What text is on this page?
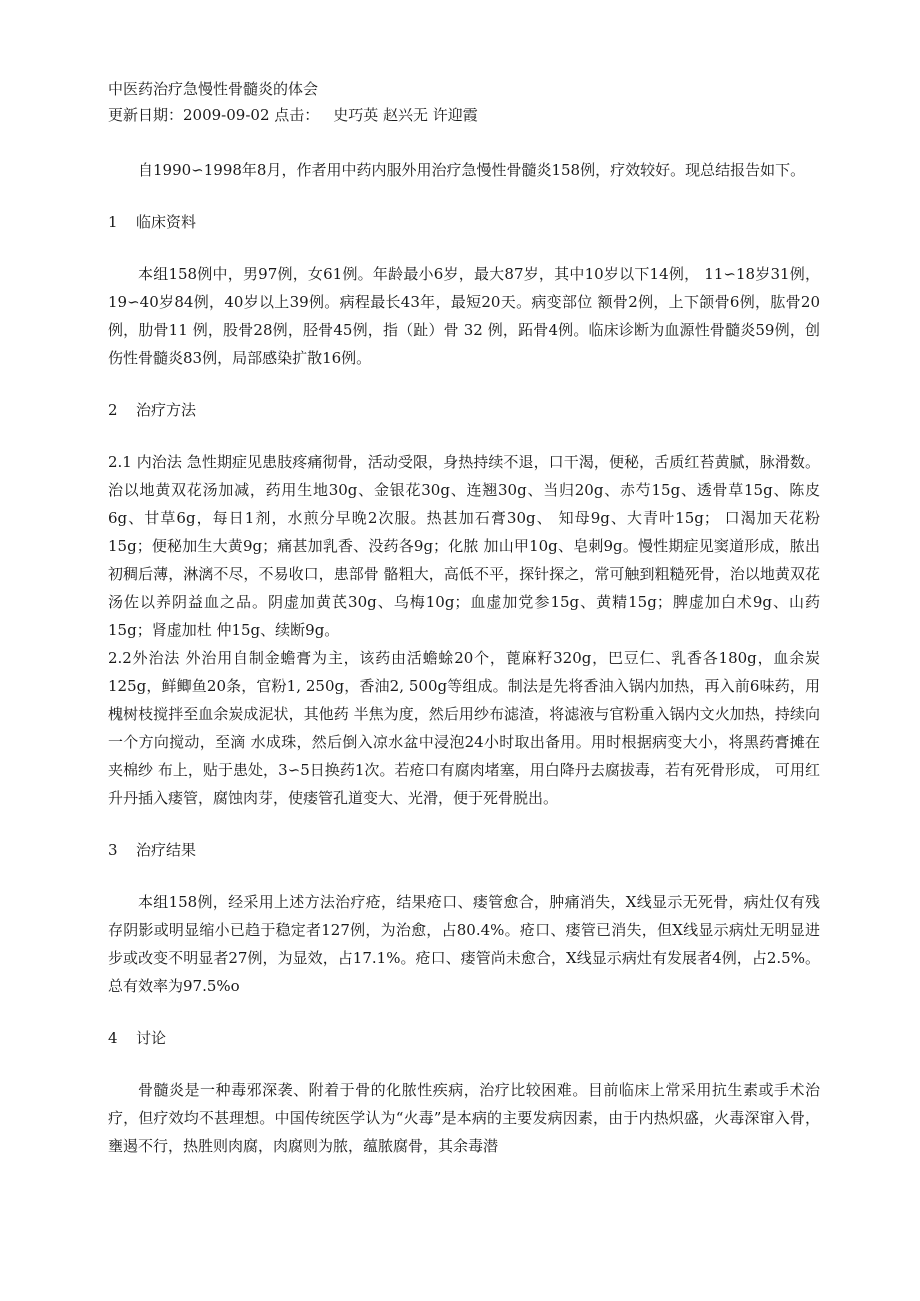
中医药治疗急慢性骨髓炎的体会
更新日期：2009-09-02 点击： 史巧英 赵兴无 许迎霞

自1990∽1998年8月，作者用中药内服外用治疗急慢性骨髓炎158例，疗效较好。现总结报告如下。

1 临床资料

本组158例中，男97例，女61例。年龄最小6岁，最大87岁，其中10岁以下14例， 11∽18岁31例，19∽40岁84例，40岁以上39例。病程最长43年，最短20天。病变部位 额骨2例，上下颌骨6例，肱骨20例，肋骨11 例，股骨28例，胫骨45例，指（趾）骨 32 例，跖骨4例。临床诊断为血源性骨髓炎59例，创伤性骨髓炎83例，局部感染扩散16例。

2 治疗方法

2.1 内治法 急性期症见患肢疼痛彻骨，活动受限，身热持续不退，口干渴，便秘，舌质红苔黄腻，脉滑数。治以地黄双花汤加减，药用生地30g、金银花30g、连翘30g、当归20g、赤芍15g、透骨草15g、陈皮6g、甘草6g，每日1剂，水煎分早晚2次服。热甚加石膏30g、 知母9g、大青叶15g； 口渴加天花粉15g；便秘加生大黄9g；痛甚加乳香、没药各9g；化脓 加山甲10g、皂刺9g。慢性期症见窦道形成，脓出初稠后薄，淋漓不尽，不易收口，患部骨 骼粗大，高低不平，探针探之，常可触到粗糙死骨，治以地黄双花汤佐以养阴益血之品。阴虚加黄芪30g、乌梅10g；血虚加党参15g、黄精15g；脾虚加白术9g、山药15g；肾虚加杜 仲15g、续断9g。

2.2外治法 外治用自制金蟾膏为主，该药由活蟾蜍20个，蓖麻籽320g，巴豆仁、乳香各180g，血余炭125g，鲜鲫鱼20条，官粉1, 250g，香油2, 500g等组成。制法是先将香油入锅内加热，再入前6味药，用槐树枝搅拌至血余炭成泥状，其他药 半焦为度，然后用纱布滤渣，将滤液与官粉重入锅内文火加热，持续向一个方向搅动，至滴 水成珠，然后倒入凉水盆中浸泡24小时取出备用。用时根据病变大小，将黑药膏摊在夹棉纱 布上，贴于患处，3∽5日换药1次。若疮口有腐肉堵塞，用白降丹去腐拔毒，若有死骨形成， 可用红升丹插入瘘管，腐蚀肉芽，使瘘管孔道变大、光滑，便于死骨脱出。

3 治疗结果

本组158例，经采用上述方法治疗疮，结果疮口、瘘管愈合，肿痛消失，X线显示无死骨，病灶仅有残存阴影或明显缩小已趋于稳定者127例，为治愈，占80.4%。疮口、瘘管已消失，但X线显示病灶无明显进步或改变不明显者27例，为显效，占17.1%。疮口、瘘管尚未愈合，X线显示病灶有发展者4例，占2.5%。总有效率为97.5%o

4 讨论

骨髓炎是一种毒邪深袭、附着于骨的化脓性疾病，治疗比较困难。目前临床上常采用抗生素或手术治疗，但疗效均不甚理想。中国传统医学认为“火毒”是本病的主要发病因素，由于内热炽盛，火毒深窜入骨，壅遏不行，热胜则肉腐，肉腐则为脓，蕴脓腐骨，其余毒潜
